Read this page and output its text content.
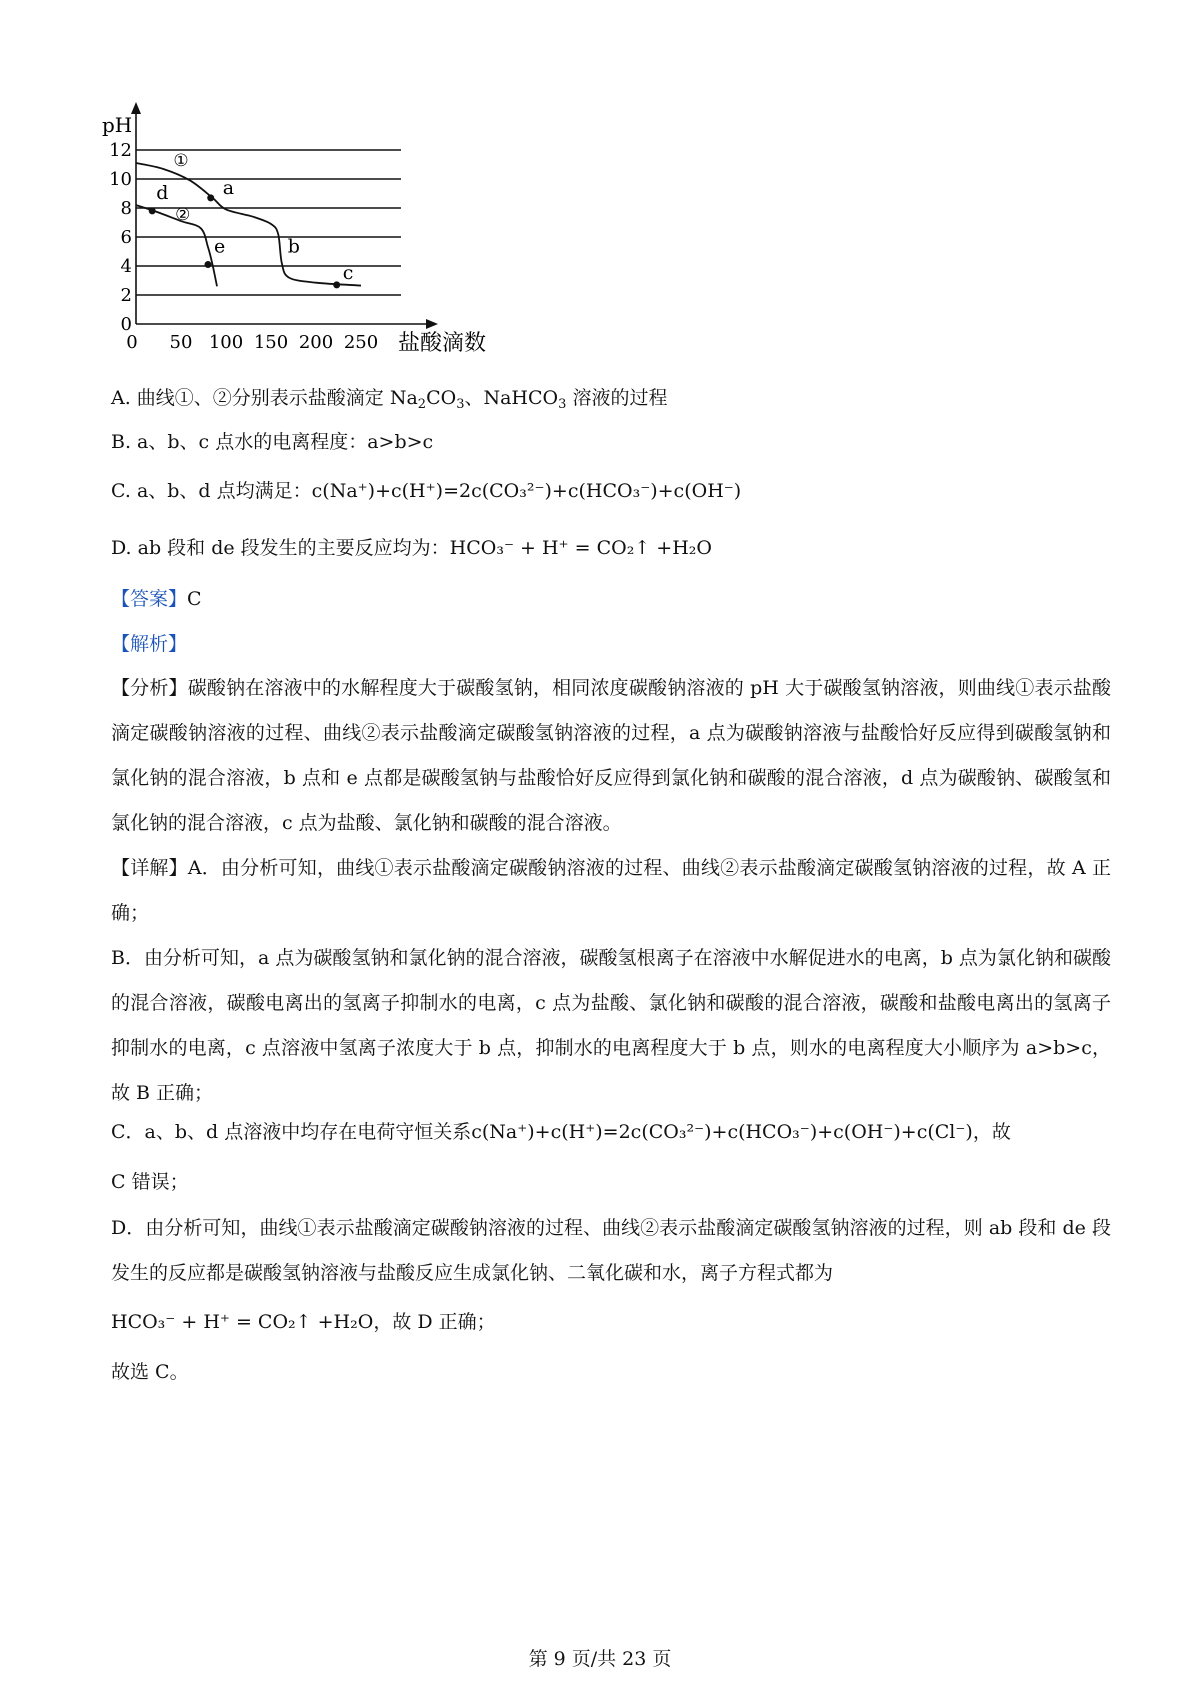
0
2
4
6
8
10
12
0 50 100 150 200 250
①
②
a
b
c
d
e
pH
盐酸滴数
A. 曲线①、②分别表示盐酸滴定 $Na_2CO_3$、NaHCO$_3$ 溶液的过程
B. a、b、c 点水的电离程度：a>b>c
C. a、b、d 点均满足：c(Na⁺)+c(H⁺)=2c(CO₃²⁻)+c(HCO₃⁻)+c(OH⁻)
D. ab 段和 de 段发生的主要反应均为：HCO₃⁻ + H⁺ = CO₂↑ +H₂O
【答案】C
【解析】
【分析】碳酸钠在溶液中的水解程度大于碳酸氢钠，相同浓度碳酸钠溶液的 pH 大于碳酸氢钠溶液，则曲线①表示盐酸滴定碳酸钠溶液的过程、曲线②表示盐酸滴定碳酸氢钠溶液的过程，a 点为碳酸钠溶液与盐酸恰好反应得到碳酸氢钠和氯化钠的混合溶液，b 点和 e 点都是碳酸氢钠与盐酸恰好反应得到氯化钠和碳酸的混合溶液，d 点为碳酸钠、碳酸氢和氯化钠的混合溶液，c 点为盐酸、氯化钠和碳酸的混合溶液。
【详解】A．由分析可知，曲线①表示盐酸滴定碳酸钠溶液的过程、曲线②表示盐酸滴定碳酸氢钠溶液的过程，故 A 正确；
B．由分析可知，a 点为碳酸氢钠和氯化钠的混合溶液，碳酸氢根离子在溶液中水解促进水的电离，b 点为氯化钠和碳酸的混合溶液，碳酸电离出的氢离子抑制水的电离，c 点为盐酸、氯化钠和碳酸的混合溶液，碳酸和盐酸电离出的氢离子抑制水的电离，c 点溶液中氢离子浓度大于 b 点，抑制水的电离程度大于 b 点，则水的电离程度大小顺序为 a>b>c，故 B 正确；
C．a、b、d 点溶液中均存在电荷守恒关系c(Na⁺)+c(H⁺)=2c(CO₃²⁻)+c(HCO₃⁻)+c(OH⁻)+c(Cl⁻)，故
C 错误；
D．由分析可知，曲线①表示盐酸滴定碳酸钠溶液的过程、曲线②表示盐酸滴定碳酸氢钠溶液的过程，则 ab 段和 de 段发生的反应都是碳酸氢钠溶液与盐酸反应生成氯化钠、二氧化碳和水，离子方程式都为
HCO₃⁻ + H⁺ = CO₂↑ +H₂O，故 D 正确；
故选 C。
第 9 页/共 23 页
